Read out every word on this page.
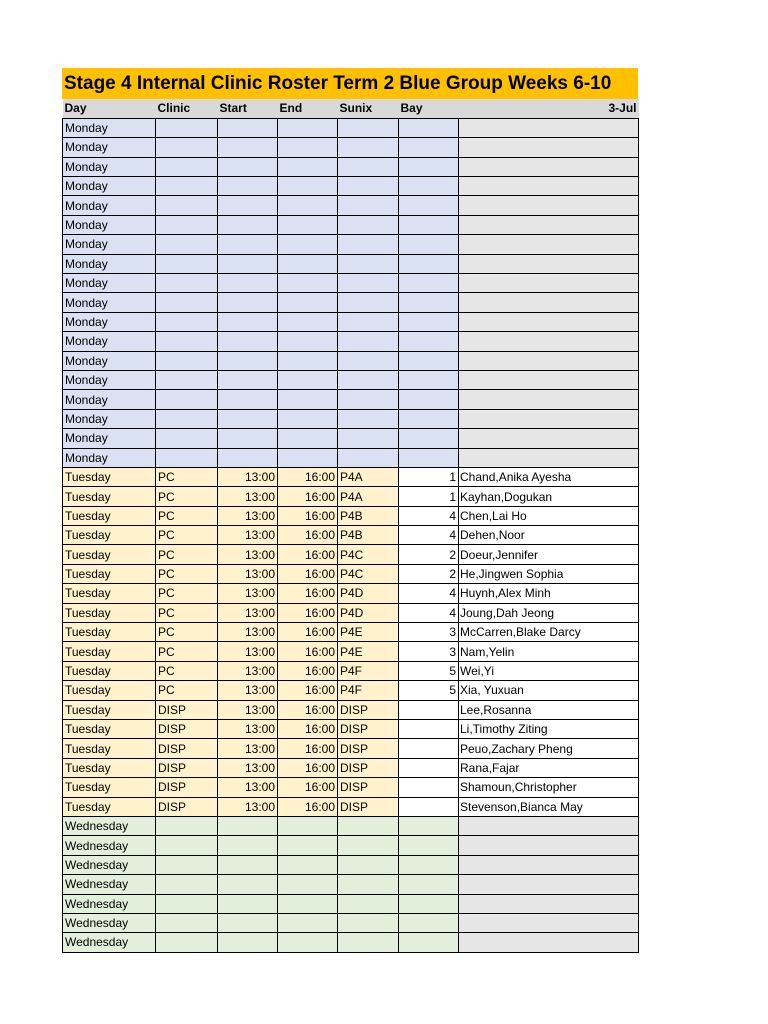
Stage 4 Internal Clinic Roster Term 2 Blue Group Weeks 6-10
Day	Clinic	Start	End	Sunix	Bay	3-Jul
Monday						
Monday						
Monday						
Monday						
Monday						
Monday						
Monday						
Monday						
Monday						
Monday						
Monday						
Monday						
Monday						
Monday						
Monday						
Monday						
Monday						
Monday						
Tuesday	PC	13:00	16:00	P4A	1	Chand,Anika Ayesha
Tuesday	PC	13:00	16:00	P4A	1	Kayhan,Dogukan
Tuesday	PC	13:00	16:00	P4B	4	Chen,Lai Ho
Tuesday	PC	13:00	16:00	P4B	4	Dehen,Noor
Tuesday	PC	13:00	16:00	P4C	2	Doeur,Jennifer
Tuesday	PC	13:00	16:00	P4C	2	He,Jingwen Sophia
Tuesday	PC	13:00	16:00	P4D	4	Huynh,Alex Minh
Tuesday	PC	13:00	16:00	P4D	4	Joung,Dah Jeong
Tuesday	PC	13:00	16:00	P4E	3	McCarren,Blake Darcy
Tuesday	PC	13:00	16:00	P4E	3	Nam,Yelin
Tuesday	PC	13:00	16:00	P4F	5	Wei,Yi
Tuesday	PC	13:00	16:00	P4F	5	Xia, Yuxuan
Tuesday	DISP	13:00	16:00	DISP		Lee,Rosanna
Tuesday	DISP	13:00	16:00	DISP		Li,Timothy Ziting
Tuesday	DISP	13:00	16:00	DISP		Peuo,Zachary Pheng
Tuesday	DISP	13:00	16:00	DISP		Rana,Fajar
Tuesday	DISP	13:00	16:00	DISP		Shamoun,Christopher
Tuesday	DISP	13:00	16:00	DISP		Stevenson,Bianca May
Wednesday						
Wednesday						
Wednesday						
Wednesday						
Wednesday						
Wednesday						
Wednesday						
